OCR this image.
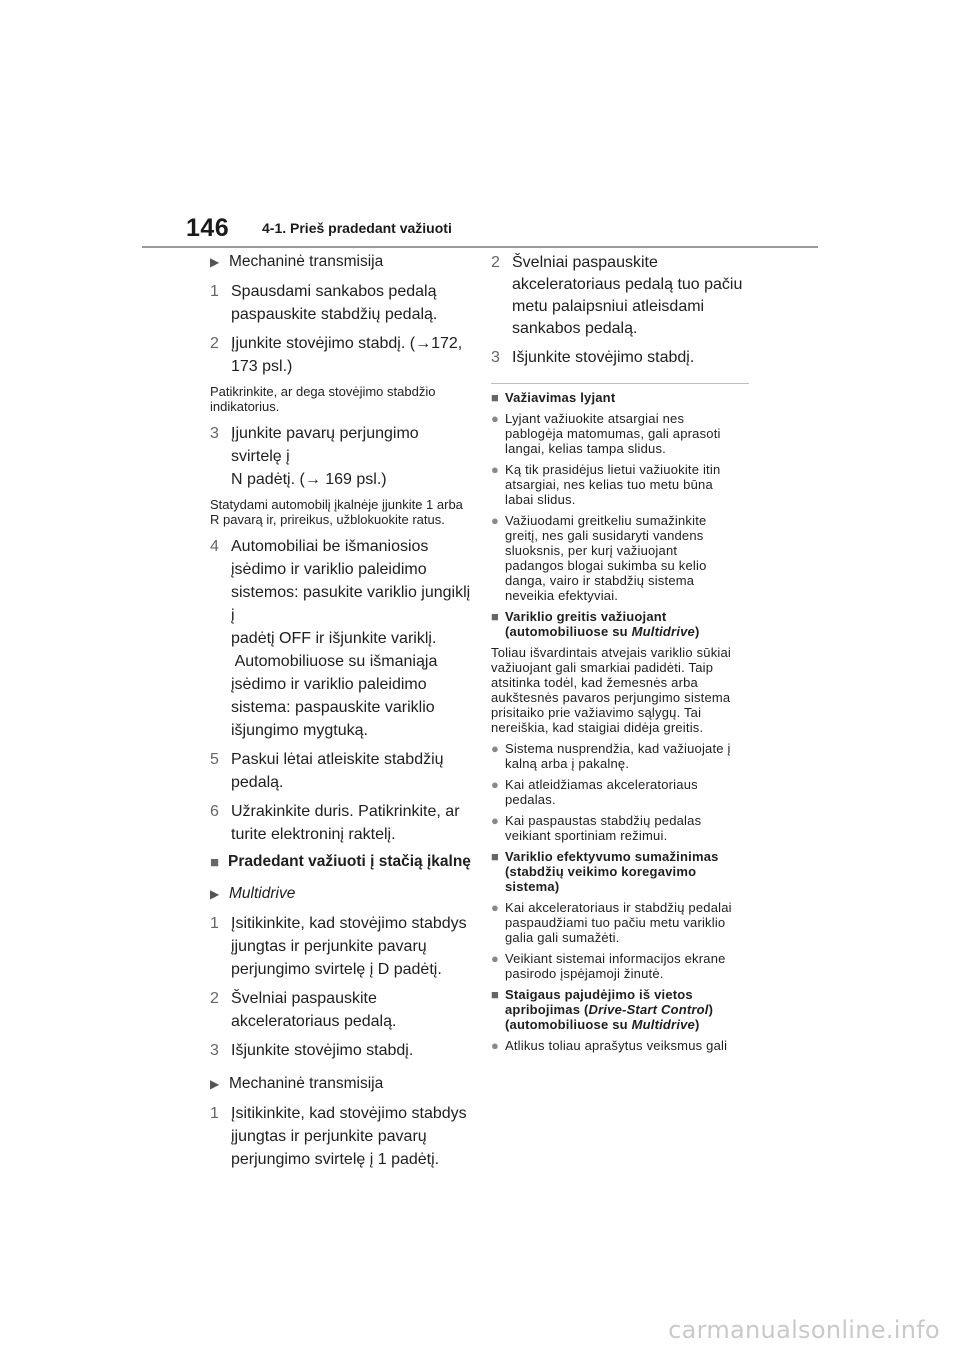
146 4-1. Prieš pradedant važiuoti
▶ Mechaninė transmisija
1 Spausdami sankabos pedalą

paspauskite stabdžių pedalą.

2 Įjunkite stovėjimo stabdį. (→172,

173 psl.)

Patikrinkite, ar dega stovėjimo stabdžio
indikatorius.
3 Įjunkite pavarų perjungimo svirtelę į

N padėtį. (→ 169 psl.)

Statydami automobilį įkalnėje įjunkite 1 arba
R pavarą ir, prireikus, užblokuokite ratus.
4 Automobiliai be išmaniosios

įsėdimo ir variklio paleidimo

sistemos: pasukite variklio jungiklį į

padėtį OFF ir išjunkite variklį.

Automobiliuose su išmaniąja

įsėdimo ir variklio paleidimo

sistema: paspauskite variklio

išjungimo mygtuką.

5 Paskui lėtai atleiskite stabdžių

pedalą.

6 Užrakinkite duris. Patikrinkite, ar

turite elektroninį raktelį.

■ Pradedant važiuoti į stačią įkalnę
▶ Multidrive
1 Įsitikinkite, kad stovėjimo stabdys

įjungtas ir perjunkite pavarų

perjungimo svirtelę į D padėtį.

2 Švelniai paspauskite

akceleratoriaus pedalą.

3 Išjunkite stovėjimo stabdį.

▶ Mechaninė transmisija
1 Įsitikinkite, kad stovėjimo stabdys

įjungtas ir perjunkite pavarų

perjungimo svirtelę į 1 padėtį.

2 Švelniai paspauskite

akceleratoriaus pedalą tuo pačiu

metu palaipsniui atleisdami

sankabos pedalą.

3 Išjunkite stovėjimo stabdį.

■ Važiavimas lyjant
● Lyjant važiuokite atsargiai nes
pablogėja matomumas, gali aprasoti
langai, kelias tampa slidus.
● Ką tik prasidėjus lietui važiuokite itin
atsargiai, nes kelias tuo metu būna
labai slidus.
● Važiuodami greitkeliu sumažinkite
greitį, nes gali susidaryti vandens
sluoksnis, per kurį važiuojant
padangos blogai sukimba su kelio
danga, vairo ir stabdžių sistema
neveikia efektyviai.
■ Variklio greitis važiuojant
(automobiliuose su Multidrive)
Toliau išvardintais atvejais variklio sūkiai
važiuojant gali smarkiai padidėti. Taip
atsitinka todėl, kad žemesnės arba
aukštesnės pavaros perjungimo sistema
prisitaiko prie važiavimo sąlygų. Tai
nereiškia, kad staigiai didėja greitis.
● Sistema nusprendžia, kad važiuojate į
kalną arba į pakalnę.
● Kai atleidžiamas akceleratoriaus
pedalas.
● Kai paspaustas stabdžių pedalas
veikiant sportiniam režimui.
■ Variklio efektyvumo sumažinimas
(stabdžių veikimo koregavimo
sistema)
● Kai akceleratoriaus ir stabdžių pedalai
paspaudžiami tuo pačiu metu variklio
galia gali sumažėti.
● Veikiant sistemai informacijos ekrane
pasirodo įspėjamoji žinutė.
■ Staigaus pajudėjimo iš vietos
apribojimas (Drive-Start Control)
(automobiliuose su Multidrive)
● Atlikus toliau aprašytus veiksmus gali
carmanualsonline.info
